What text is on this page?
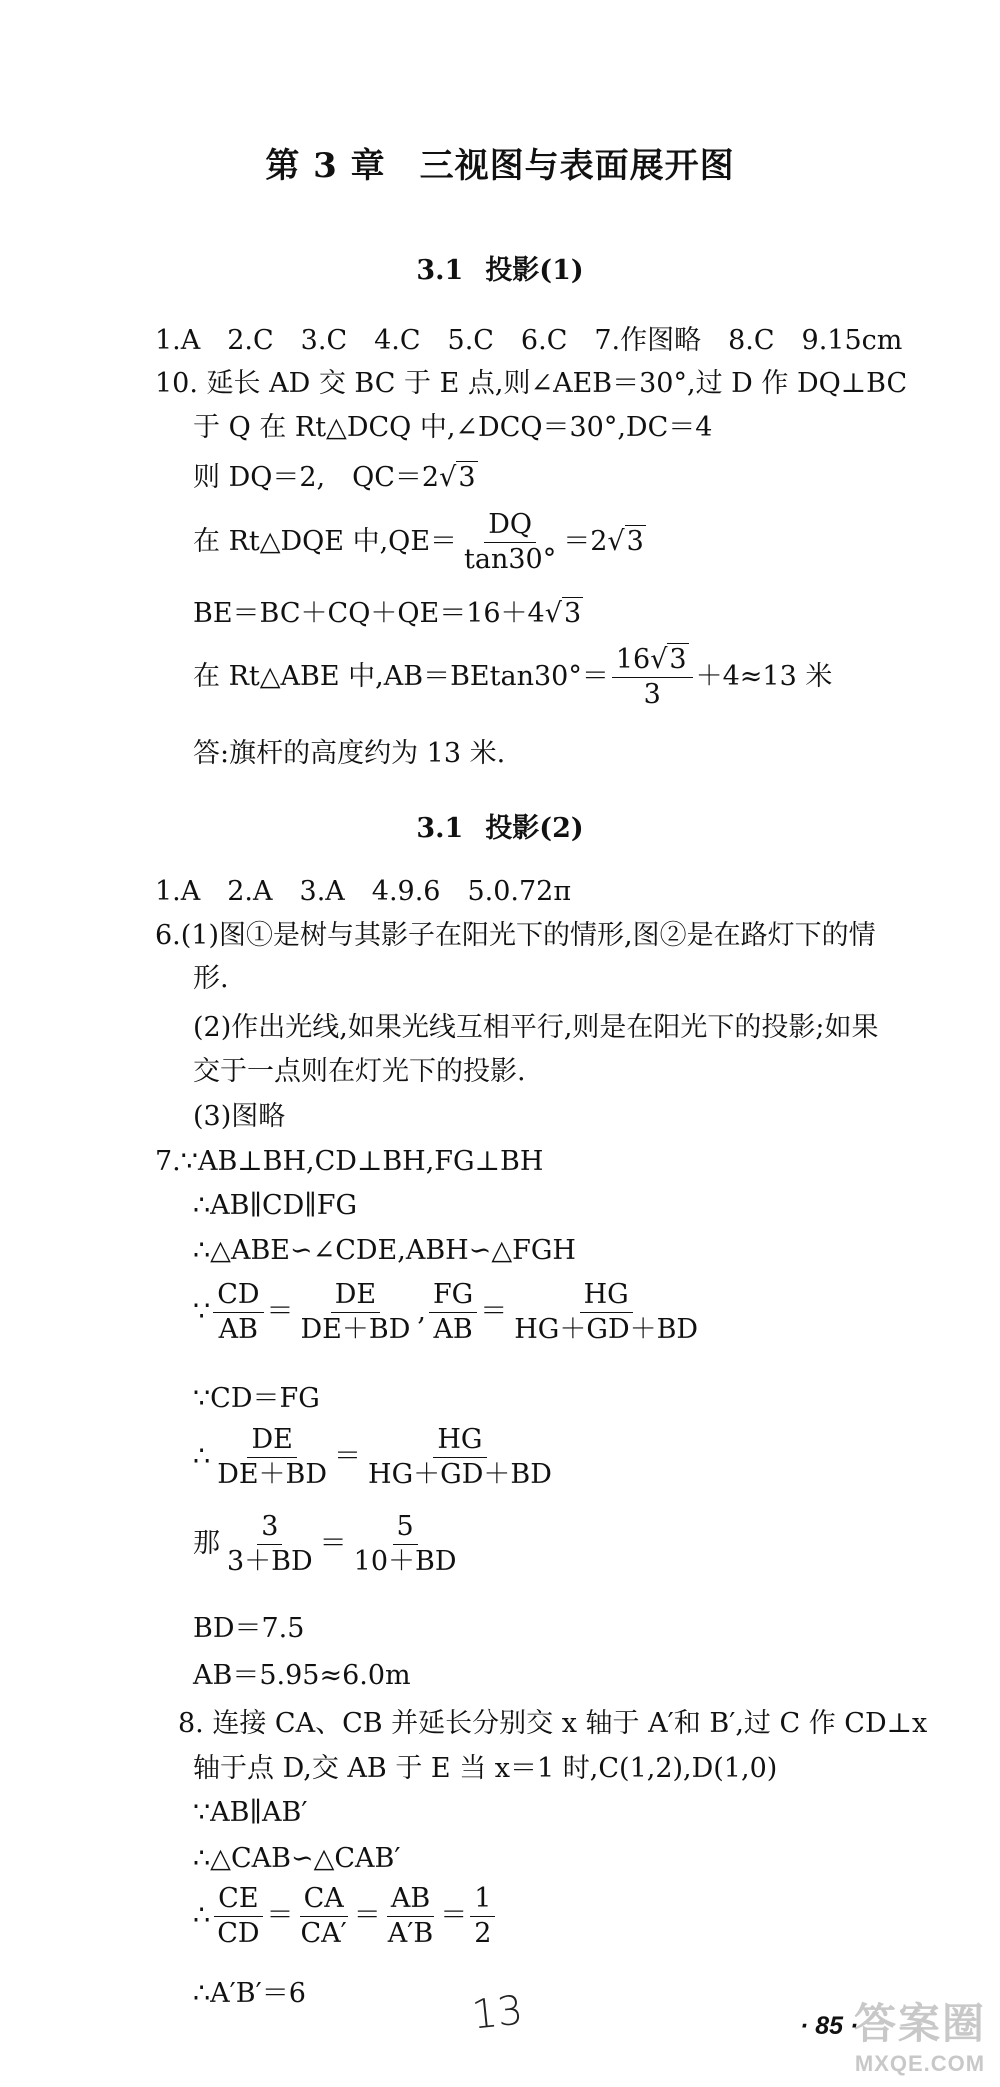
第 3 章 三视图与表面展开图
3.1 投影(1)
1.A　2.C　3.C　4.C　5.C　6.C　7.作图略　8.C　9.15cm
10. 延长 AD 交 BC 于 E 点,则∠AEB＝30°,过 D 作 DQ⊥BC
于 Q 在 Rt△DCQ 中,∠DCQ＝30°,DC＝4
则 DQ＝2,　QC＝2√3
在 Rt△DQE 中$,QE= \frac{DQ}{\tan 30^\circ} =2√3$
BE＝BC＋CQ＋QE＝16＋4√3
在 Rt△ABE 中$,AB=BEtan30^\circ= \frac{16√3}{3} +4\approx 13$ 米
答:旗杆的高度约为 13 米.
3.1 投影(2)
1.A　2.A　3.A　4.9.6　5.0.72π
6.(1)图①是树与其影子在阳光下的情形,图②是在路灯下的情
形.
(2)作出光线,如果光线互相平行,则是在阳光下的投影;如果
交于一点则在灯光下的投影.
(3)图略
7.∵AB⊥BH,CD⊥BH,FG⊥BH
∴AB∥CD∥FG
∴△ABE∽∠CDE,ABH∽△FGH
∵ $\frac{CD}{AB} = \frac{DE}{DE+BD}$ , $\frac{FG}{AB} = \frac{HG}{HG+GD+BD}$
∵CD＝FG
∴ $\frac{DE}{DE+BD} = \frac{HG}{HG+GD+BD}$
那 $\frac{3}{3+BD} = \frac{5}{10+BD}$
BD＝7.5
AB＝5.95≈6.0m
8. 连接 CA、CB 并延长分别交 x 轴于 A′和 B′,过 C 作 CD⊥x
轴于点 D,交 AB 于 E 当 x＝1 时,C(1,2),D(1,0)
∵AB∥AB′
∴△CAB∽△CAB′
∴ $\frac{CE}{CD} = \frac{CA}{CA'} = \frac{AB}{A'B} = \frac{1}{2}$
∴A′B′＝6	13	· 85 ·
答案圈
MXQE.COM
